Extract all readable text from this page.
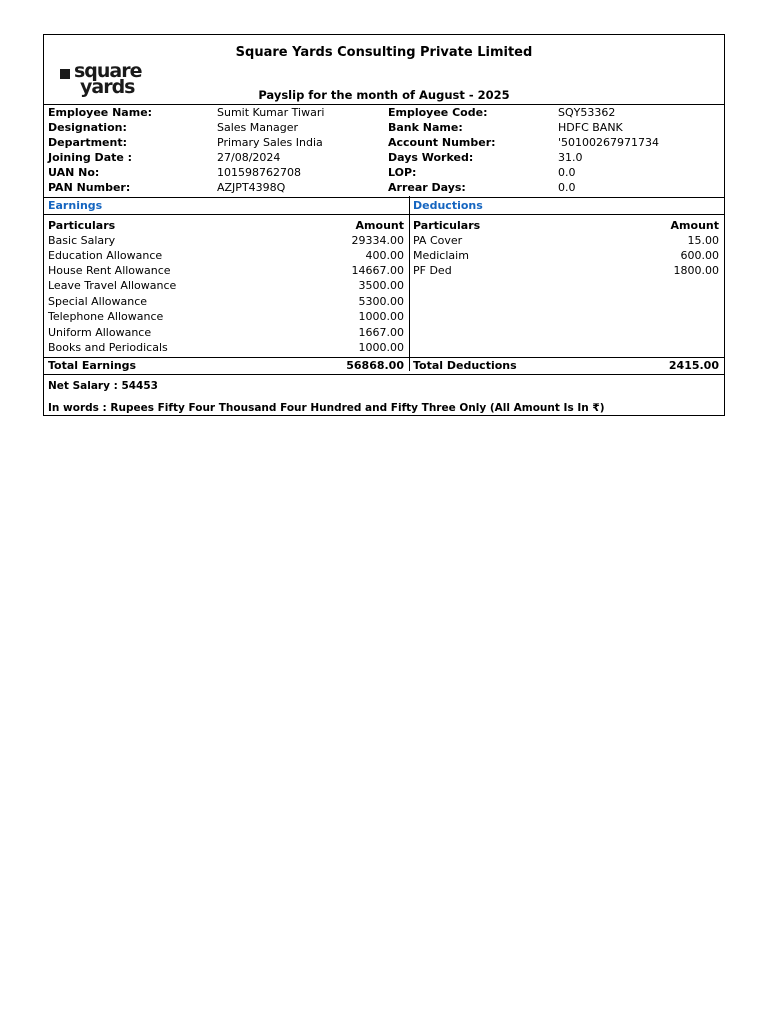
square
yards
Square Yards Consulting Private Limited
Payslip for the month of August - 2025
Employee Name:	Sumit Kumar Tiwari	Employee Code:	SQY53362
Designation:	Sales Manager	Bank Name:	HDFC BANK
Department:	Primary Sales India	Account Number:	'50100267971734
Joining Date :	27/08/2024	Days Worked:	31.0
UAN No:	101598762708	LOP:	0.0
PAN Number:	AZJPT4398Q	Arrear Days:	0.0
Earnings	Deductions
Particulars	Amount Particulars	Amount
Basic Salary	29334.00 PA Cover	15.00
Education Allowance	400.00 Mediclaim	600.00
House Rent Allowance	14667.00 PF Ded	1800.00
Leave Travel Allowance	3500.00
Special Allowance	5300.00
Telephone Allowance	1000.00
Uniform Allowance	1667.00
Books and Periodicals	1000.00
Total Earnings	56868.00 Total Deductions	2415.00
Net Salary : 54453
In words : Rupees Fifty Four Thousand Four Hundred and Fifty Three Only (All Amount Is In ₹)
